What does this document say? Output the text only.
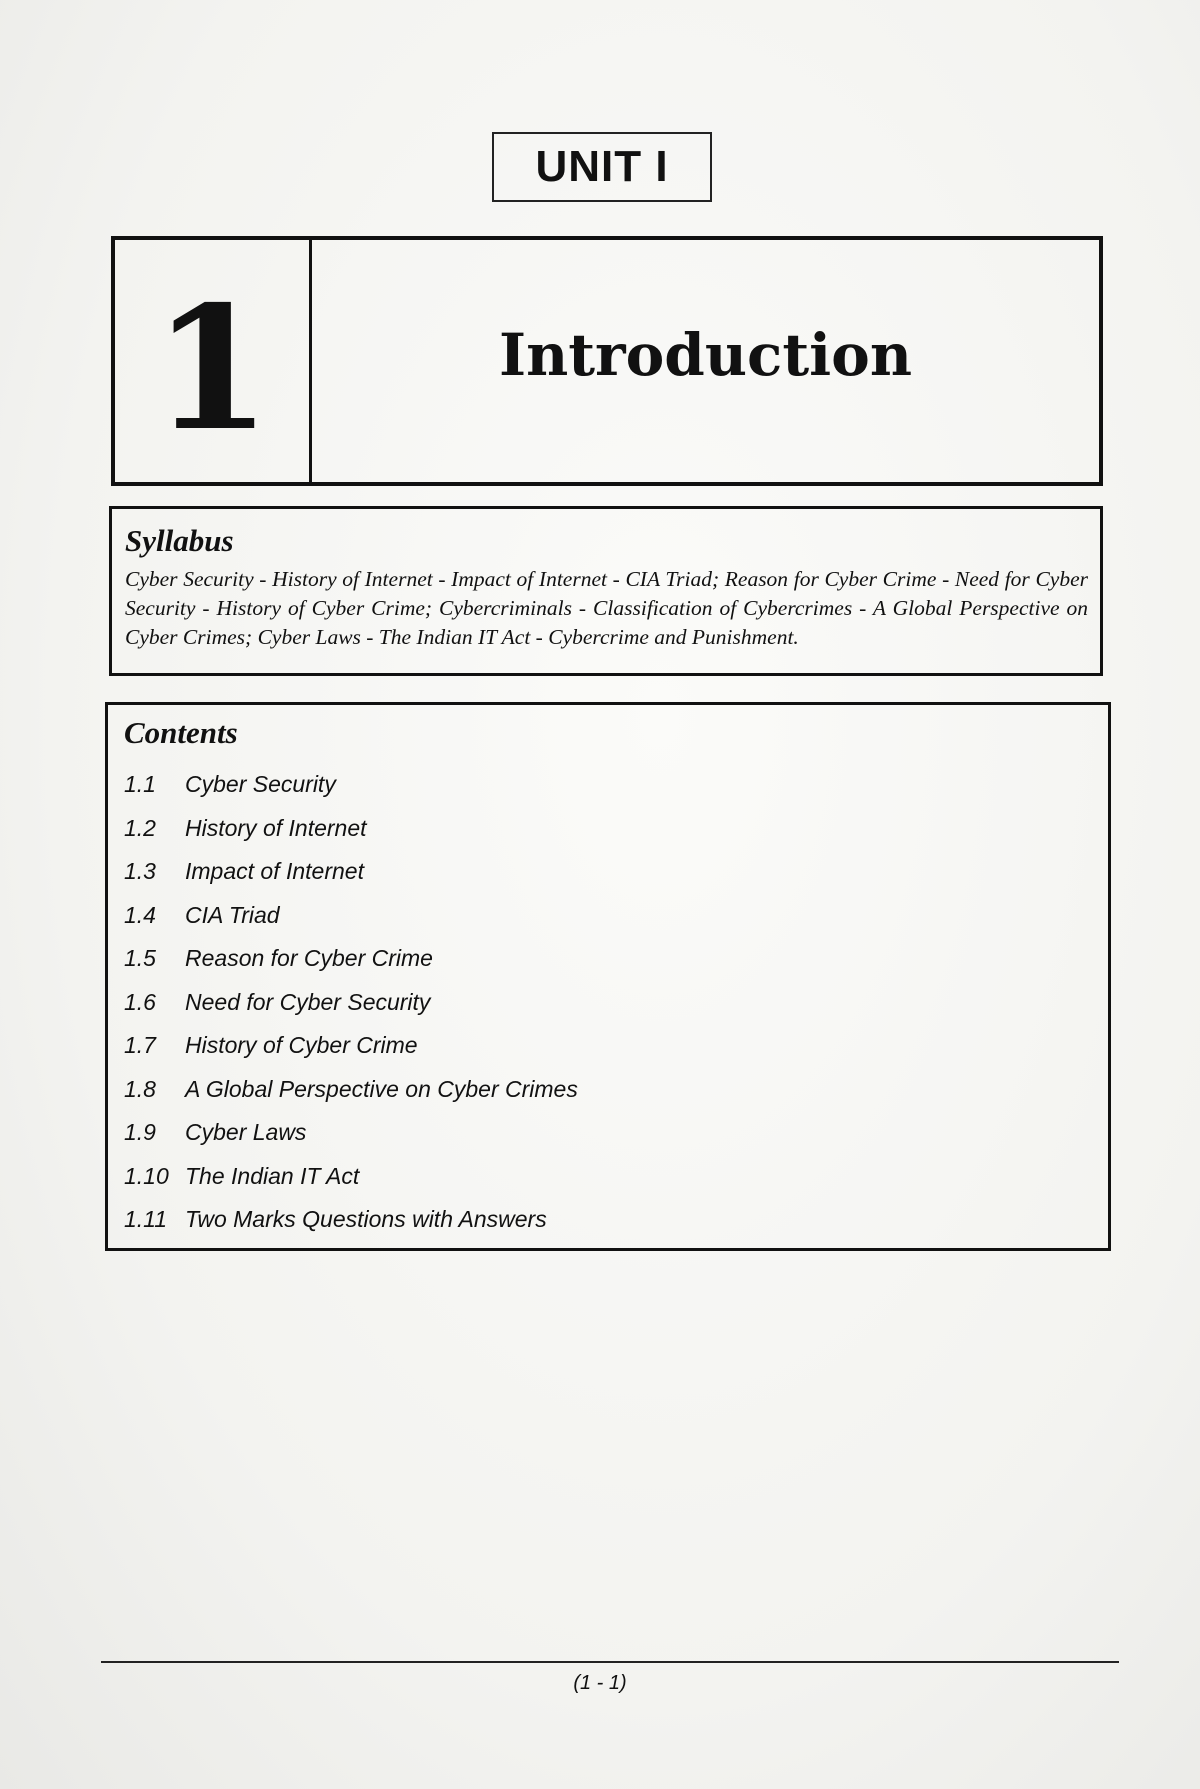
UNIT I
1	Introduction
Syllabus

Cyber Security - History of Internet - Impact of Internet - CIA Triad; Reason for Cyber Crime - Need for Cyber Security - History of Cyber Crime; Cybercriminals - Classification of Cybercrimes - A Global Perspective on Cyber Crimes; Cyber Laws - The Indian IT Act - Cybercrime and Punishment.

Contents
1.1	Cyber Security
1.2	History of Internet
1.3	Impact of Internet
1.4	CIA Triad
1.5	Reason for Cyber Crime
1.6	Need for Cyber Security
1.7	History of Cyber Crime
1.8	A Global Perspective on Cyber Crimes
1.9	Cyber Laws
1.10 The Indian IT Act
1.11 Two Marks Questions with Answers
(1 - 1)
